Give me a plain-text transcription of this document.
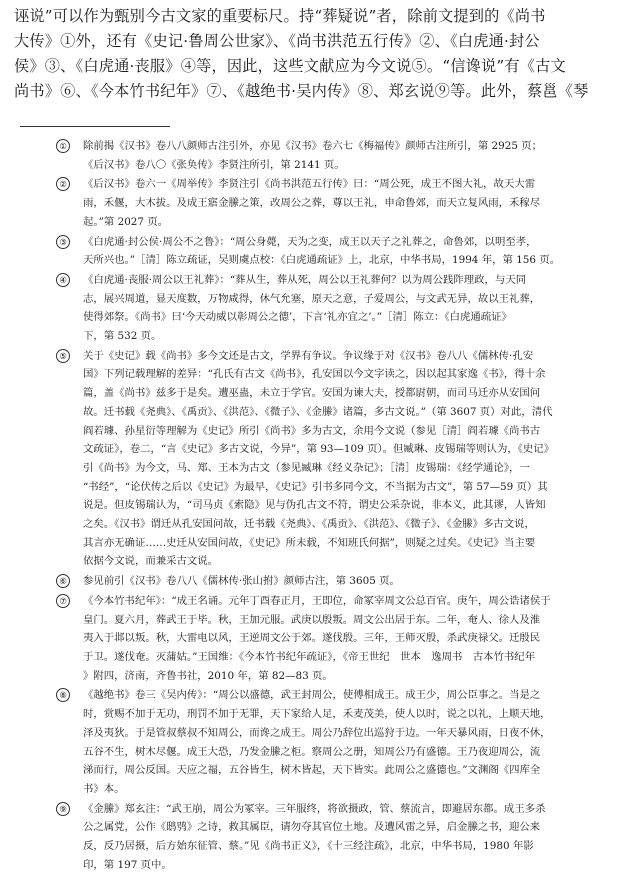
诬说”可以作为甄别今古文家的重要标尺。持“葬疑说”者，除前文提到的《尚书

大传》①外，还有《史记·鲁周公世家》、《尚书洪范五行传》②、《白虎通·封公

侯》③、《白虎通·丧服》④等，因此，这些文献应为今文说⑤。“信谗说”有《古文

尚书》⑥、《今本竹书纪年》⑦、《越绝书·吴内传》⑧、郑玄说⑨等。此外，蔡邕《琴

①	除前揭《汉书》卷八八颜师古注引外，亦见《汉书》卷六七《梅福传》颜师古注所引，第 2925 页；

《后汉书》卷八〇《张奂传》李贤注所引，第 2141 页。

②	《后汉书》卷六一《周举传》李贤注引《尚书洪范五行传》曰：“周公死，成王不图大礼，故天大雷

雨，禾偃，大木拔。及成王寤金縢之策，改周公之葬，尊以王礼，申命鲁郊，而天立复风雨，禾稼尽

起。”第 2027 页。

③	《白虎通·封公侯·周公不之鲁》：“周公身薨，天为之变，成王以天子之礼葬之，命鲁郊，以明至孝，

天所兴也。”［清］陈立疏证，吴则虞点校：《白虎通疏证》上，北京，中华书局，1994 年，第 156 页。

④	《白虎通·丧服·周公以王礼葬》：“葬从生，葬从死，周公以王礼葬何？以为周公践阼理政，与天同

志，展兴周道，显天度数，万物咸得，休气允塞，原天之意，子爱周公，与文武无异，故以王礼葬，

使得郊祭。《尚书》曰‘今天动威以彰周公之德’，下言‘礼亦宜之’。”［清］陈立：《白虎通疏证》

下，第 532 页。

⑤	关于《史记》载《尚书》多今文还是古文，学界有争议。争议缘于对《汉书》卷八八《儒林传·孔安

国》下列记载理解的差异：“孔氏有古文《尚书》，孔安国以今文字读之，因以起其家逸《书》，得十余

篇，盖《尚书》兹多于是矣。遭巫蛊，未立于学官。安国为谏大夫，授都尉朝，而司马迁亦从安国问

故。迁书载《尧典》、《禹贡》、《洪范》、《微子》、《金縢》诸篇，多古文说。”（第 3607 页）对此，清代

阎若璩、孙星衍等理解为《史记》所引《尚书》多为古文，余用今文说（参见［清］阎若璩《尚书古

文疏证》，卷二，“言《史记》多古文说，今异”，第 93—109 页）。但臧琳、皮锡瑞等则认为，《史记》

引《尚书》为今文，马、郑、王本为古文（参见臧琳《经义杂记》；［清］皮锡瑞：《经学通论》，一

“书经”，“论伏传之后以《史记》为最早，《史记》引书多同今文，不当据为古文”，第 57—59 页）其

说是。但皮锡瑞认为，“司马贞《索隐》见与伪孔古文不符，谓史公采杂说，非本义，此其谬，人皆知

之矣。《汉书》谓迁从孔安国问故，迁书载《尧典》、《禹贡》、《洪范》、《微子》、《金縢》多古文说，

其言亦无确证……史迁从安国问故，《史记》所未载，不知班氏何据”，则疑之过矣。《史记》当主要

依据今文说，而兼采古文说。

⑥	参见前引《汉书》卷八八《儒林传·张山拊》颜师古注，第 3605 页。

⑦	《今本竹书纪年》：“成王名诵。元年丁酉春正月，王即位，命冢宰周文公总百官。庚午，周公诰诸侯于

皇门。夏六月，葬武王于毕。秋，王加元服。武庚以殷叛。周文公出居于东。二年，奄人、徐人及淮

夷入于邶以叛。秋，大雷电以风，王逆周文公于郊。遂伐殷。三年，王师灭殷，杀武庚禄父。迁殷民

于卫。遂伐奄。灭蒲姑。”王国维：《今本竹书纪年疏证》，《帝王世纪　世本　逸周书　古本竹书纪年

》附四，济南，齐鲁书社，2010 年，第 82—83 页。

⑧	《越绝书》卷三《吴内传》：“周公以盛德，武王封周公，使傅相成王。成王少，周公臣事之。当是之

时，赏赐不加于无功，刑罚不加于无罪，天下家给人足，禾麦茂美，使人以时，说之以礼，上顺天地，

泽及夷狄。于是管叔蔡叔不知周公，而谗之成王。周公乃辞位出巡狩于边。一年天暴风雨，日夜不休，

五谷不生，树木尽偃。成王大恐，乃发金縢之柜。察周公之册，知周公乃有盛德。王乃夜迎周公，流

涕而行，周公反国。天应之福，五谷皆生，树木皆起，天下皆实。此周公之盛德也。”文渊阁《四库全

书》本。

⑨	《金縢》郑玄注：“武王崩，周公为冢宰。三年服终，将欲摄政，管、蔡流言，即避居东都。成王多杀

公之属党，公作《鸱鸮》之诗，救其属臣，请勿夺其官位土地。及遭风雷之异，启金縢之书，迎公来

反，反乃居摄，后方始东征管、蔡。”见《尚书正义》，《十三经注疏》，北京，中华书局，1980 年影

印，第 197 页中。
